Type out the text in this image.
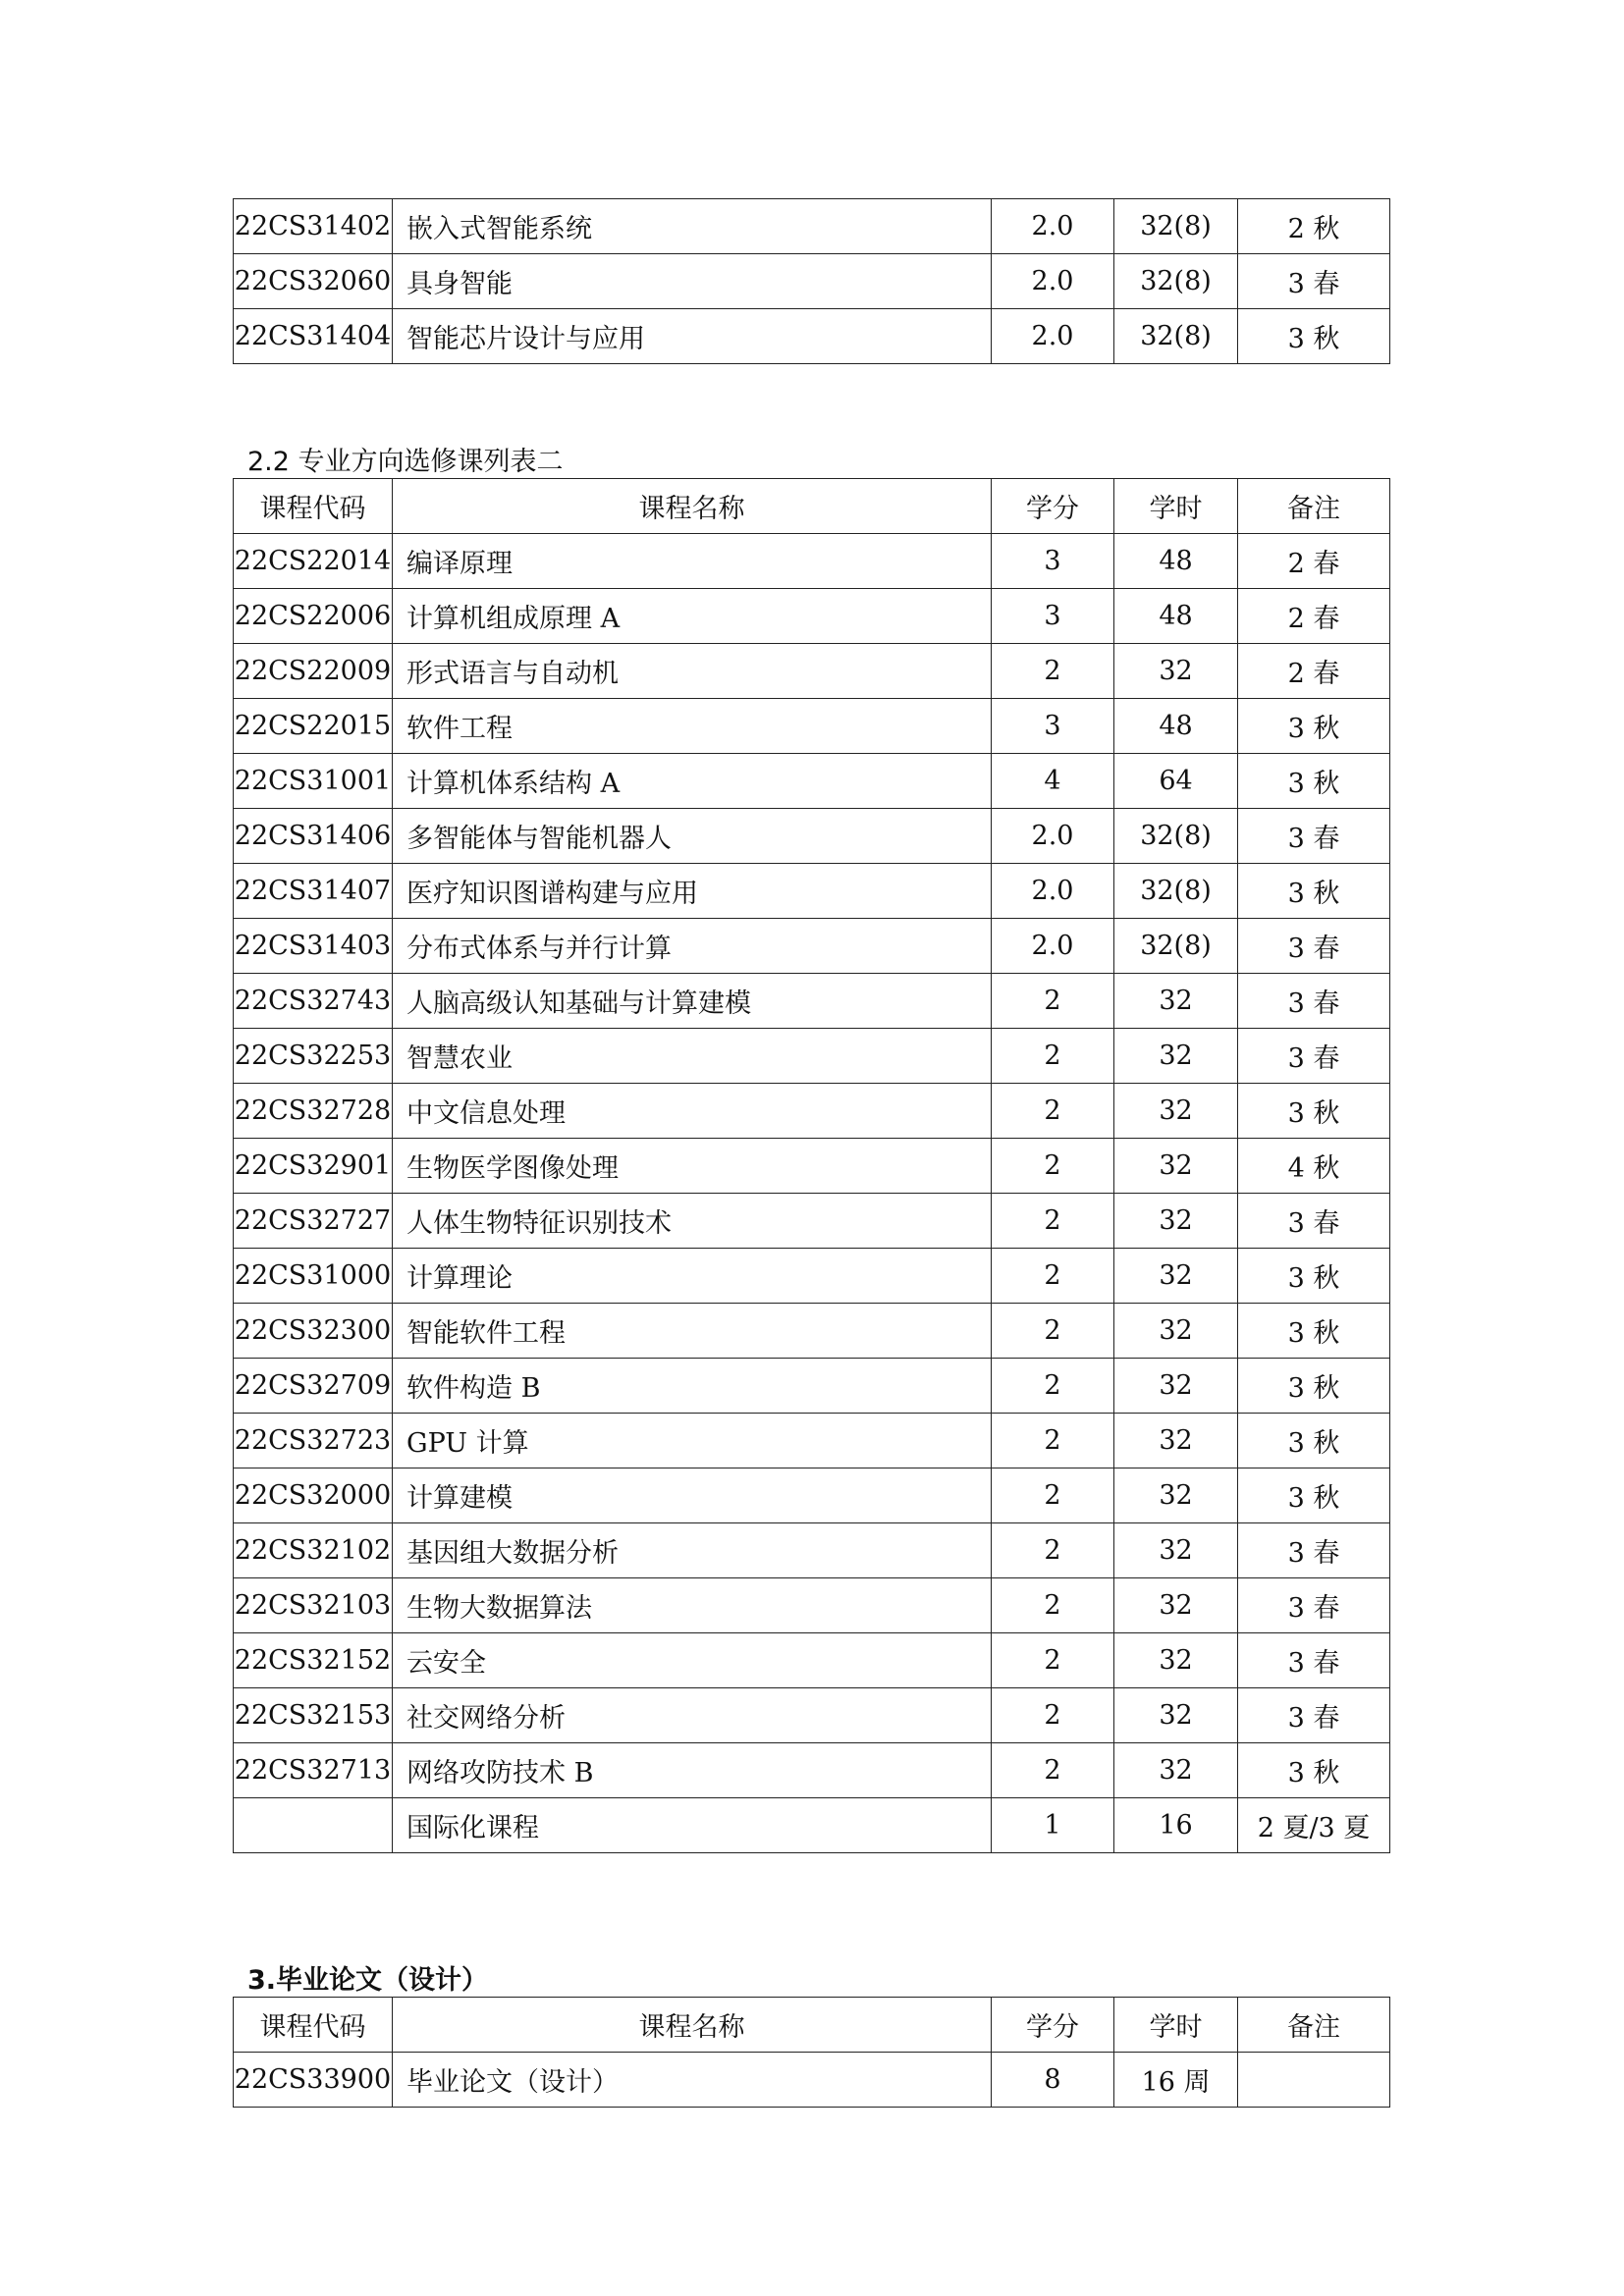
22CS31402	嵌入式智能系统	2.0	32(8)	2 秋
22CS32060	具身智能	2.0	32(8)	3 春
22CS31404	智能芯片设计与应用	2.0	32(8)	3 秋
2.2 专业方向选修课列表二
课程代码	课程名称	学分	学时	备注
22CS22014	编译原理	3	48	2 春
22CS22006	计算机组成原理 A	3	48	2 春
22CS22009	形式语言与自动机	2	32	2 春
22CS22015	软件工程	3	48	3 秋
22CS31001	计算机体系结构 A	4	64	3 秋
22CS31406	多智能体与智能机器人	2.0	32(8)	3 春
22CS31407	医疗知识图谱构建与应用	2.0	32(8)	3 秋
22CS31403	分布式体系与并行计算	2.0	32(8)	3 春
22CS32743	人脑高级认知基础与计算建模	2	32	3 春
22CS32253	智慧农业	2	32	3 春
22CS32728	中文信息处理	2	32	3 秋
22CS32901	生物医学图像处理	2	32	4 秋
22CS32727	人体生物特征识别技术	2	32	3 春
22CS31000	计算理论	2	32	3 秋
22CS32300	智能软件工程	2	32	3 秋
22CS32709	软件构造 B	2	32	3 秋
22CS32723	GPU 计算	2	32	3 秋
22CS32000	计算建模	2	32	3 秋
22CS32102	基因组大数据分析	2	32	3 春
22CS32103	生物大数据算法	2	32	3 春
22CS32152	云安全	2	32	3 春
22CS32153	社交网络分析	2	32	3 春
22CS32713	网络攻防技术 B	2	32	3 秋
	国际化课程	1	16	2 夏/3 夏
3.毕业论文（设计）
课程代码	课程名称	学分	学时	备注
22CS33900	毕业论文（设计）	8	16 周	
